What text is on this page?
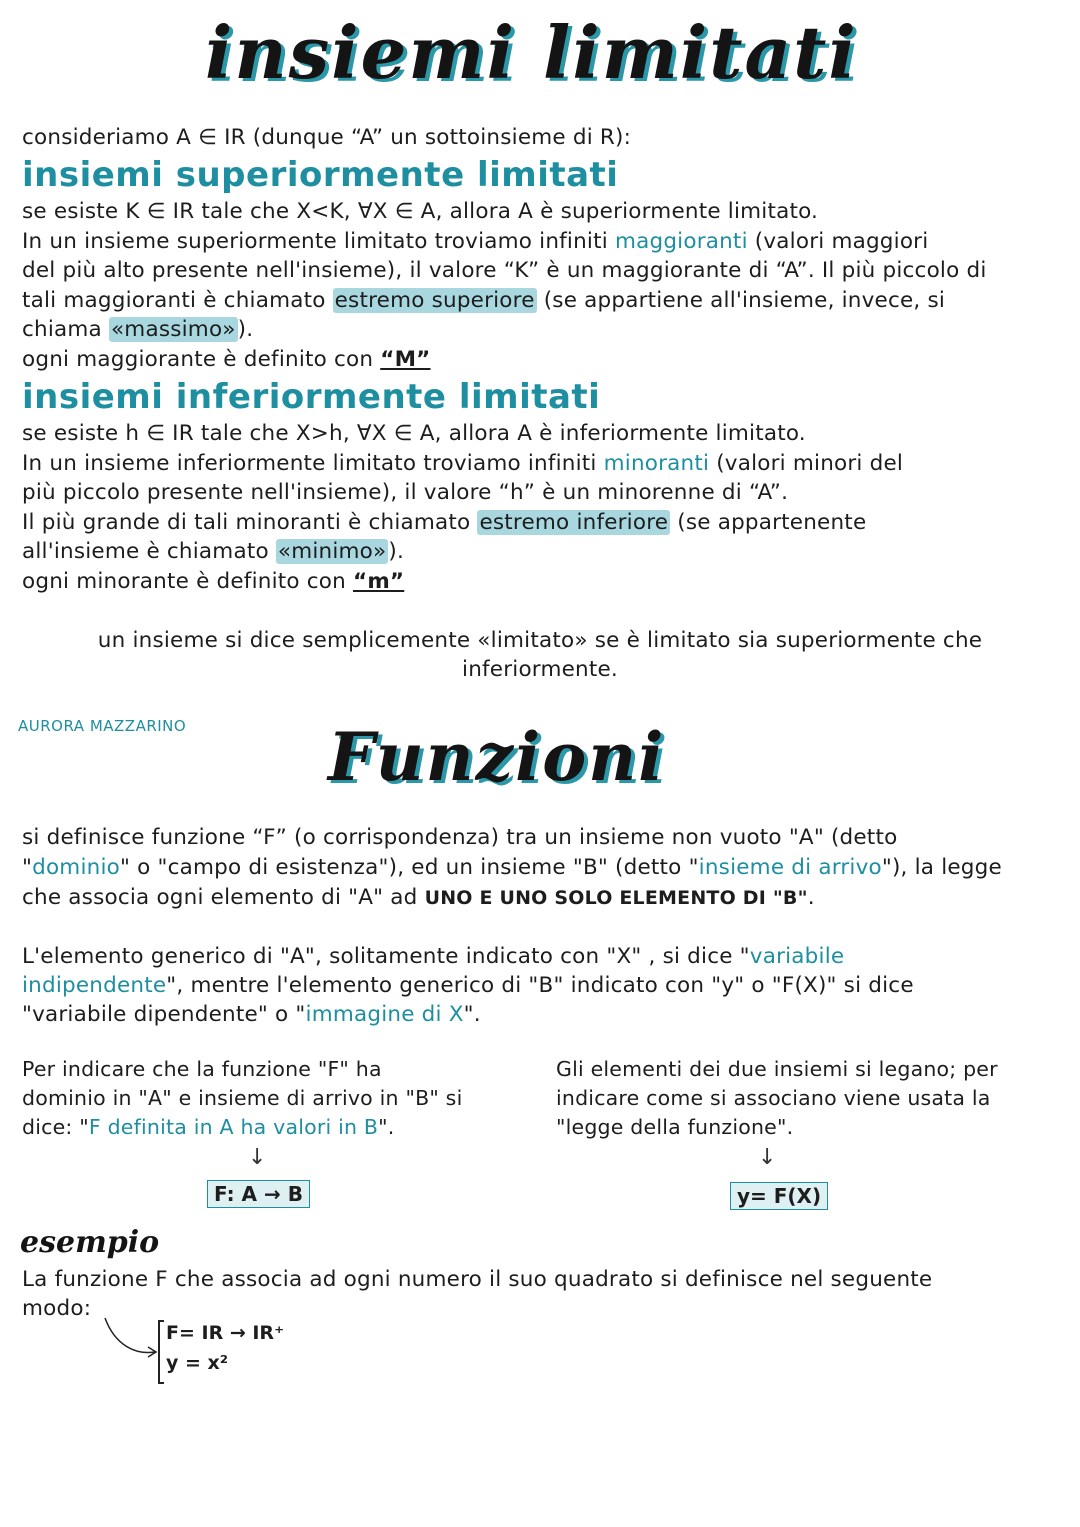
insiemi limitati
consideriamo A ∈ IR (dunque “A” un sottoinsieme di R):
insiemi superiormente limitati
se esiste K ∈ IR tale che X<K, ∀X ∈ A, allora A è superiormente limitato.
In un insieme superiormente limitato troviamo infiniti maggioranti (valori maggiori
del più alto presente nell'insieme), il valore “K” è un maggiorante di “A”. Il più piccolo di
tali maggioranti è chiamato estremo superiore (se appartiene all'insieme, invece, si
chiama «massimo»).
ogni maggiorante è definito con “M”
insiemi inferiormente limitati
se esiste h ∈ IR tale che X>h, ∀X ∈ A, allora A è inferiormente limitato.
In un insieme inferiormente limitato troviamo infiniti minoranti (valori minori del
più piccolo presente nell'insieme), il valore “h” è un minorenne di “A”.
Il più grande di tali minoranti è chiamato estremo inferiore (se appartenente
all'insieme è chiamato «minimo»).
ogni minorante è definito con “m”
un insieme si dice semplicemente «limitato» se è limitato sia superiormente che
inferiormente.
AURORA MAZZARINO Funzioni
si definisce funzione “F” (o corrispondenza) tra un insieme non vuoto "A" (detto
"dominio" o "campo di esistenza"), ed un insieme "B" (detto "insieme di arrivo"), la legge
che associa ogni elemento di "A" ad UNO E UNO SOLO ELEMENTO DI "B".
L'elemento generico di "A", solitamente indicato con "X" , si dice "variabile
indipendente", mentre l'elemento generico di "B" indicato con "y" o "F(X)" si dice
"variabile dipendente" o "immagine di X".
Per indicare che la funzione "F" ha
dominio in "A" e insieme di arrivo in "B" si
dice: "F definita in A ha valori in B".
↓
F: A → B
Gli elementi dei due insiemi si legano; per
indicare come si associano viene usata la
"legge della funzione".
↓
y= F(X)
esempio
La funzione F che associa ad ogni numero il suo quadrato si definisce nel seguente
modo:
F= IR → IR⁺
y = x²
